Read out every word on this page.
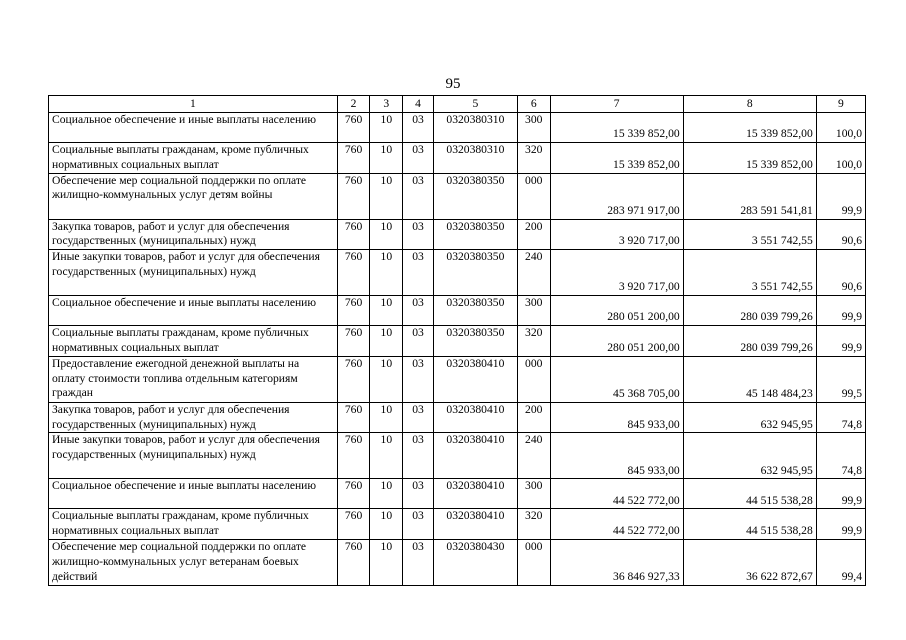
95
1	2	3	4	5	6	7	8	9
Социальное обеспечение и иные выплаты населению	760	10	03	0320380310	300	15 339 852,00	15 339 852,00	100,0
Социальные выплаты гражданам, кроме публичных нормативных социальных выплат	760	10	03	0320380310	320	15 339 852,00	15 339 852,00	100,0
Обеспечение мер социальной поддержки по оплате жилищно-коммунальных услуг детям войны	760	10	03	0320380350	000	283 971 917,00	283 591 541,81	99,9
Закупка товаров, работ и услуг для обеспечения государственных (муниципальных) нужд	760	10	03	0320380350	200	3 920 717,00	3 551 742,55	90,6
Иные закупки товаров, работ и услуг для обеспечения государственных (муниципальных) нужд	760	10	03	0320380350	240	3 920 717,00	3 551 742,55	90,6
Социальное обеспечение и иные выплаты населению	760	10	03	0320380350	300	280 051 200,00	280 039 799,26	99,9
Социальные выплаты гражданам, кроме публичных нормативных социальных выплат	760	10	03	0320380350	320	280 051 200,00	280 039 799,26	99,9
Предоставление ежегодной денежной выплаты на оплату стоимости топлива отдельным категориям граждан	760	10	03	0320380410	000	45 368 705,00	45 148 484,23	99,5
Закупка товаров, работ и услуг для обеспечения государственных (муниципальных) нужд	760	10	03	0320380410	200	845 933,00	632 945,95	74,8
Иные закупки товаров, работ и услуг для обеспечения государственных (муниципальных) нужд	760	10	03	0320380410	240	845 933,00	632 945,95	74,8
Социальное обеспечение и иные выплаты населению	760	10	03	0320380410	300	44 522 772,00	44 515 538,28	99,9
Социальные выплаты гражданам, кроме публичных нормативных социальных выплат	760	10	03	0320380410	320	44 522 772,00	44 515 538,28	99,9
Обеспечение мер социальной поддержки по оплате жилищно-коммунальных услуг ветеранам боевых действий	760	10	03	0320380430	000	36 846 927,33	36 622 872,67	99,4
